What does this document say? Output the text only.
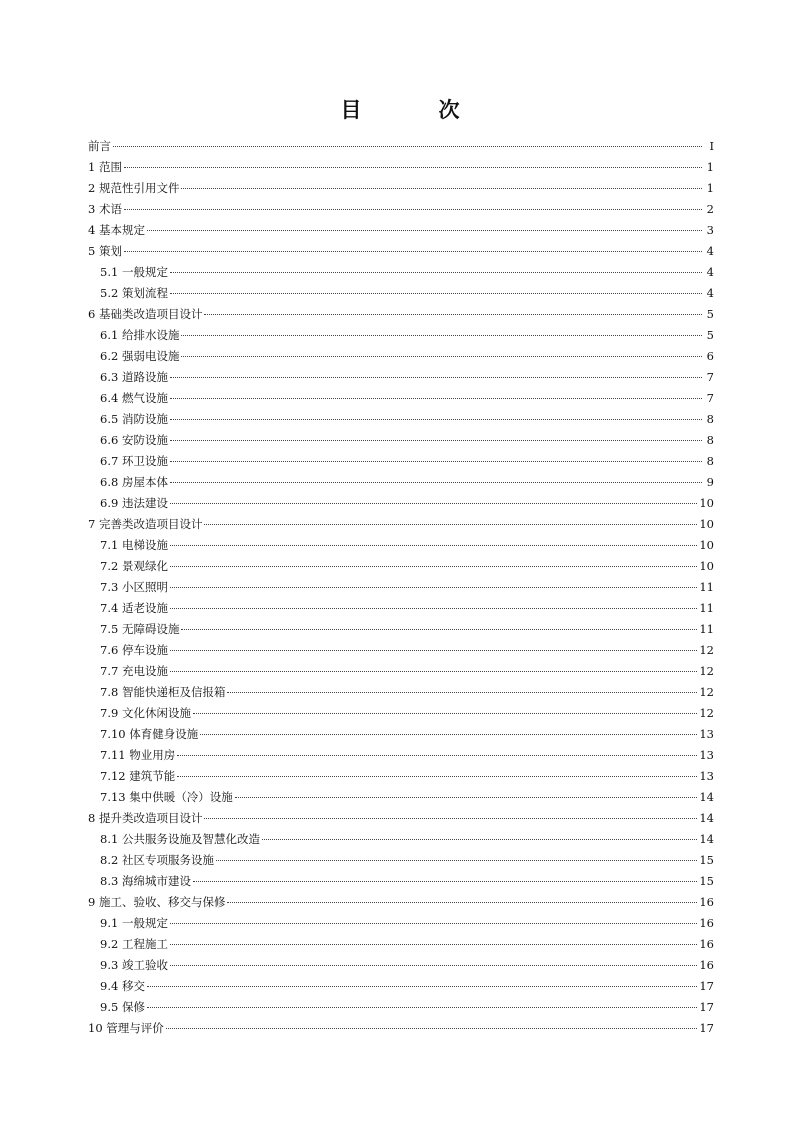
目　次
前言	I
1 范围	1
2 规范性引用文件	1
3 术语	2
4 基本规定	3
5 策划	4
5.1 一般规定	4
5.2 策划流程	4
6 基础类改造项目设计	5
6.1 给排水设施	5
6.2 强弱电设施	6
6.3 道路设施	7
6.4 燃气设施	7
6.5 消防设施	8
6.6 安防设施	8
6.7 环卫设施	8
6.8 房屋本体	9
6.9 违法建设	10
7 完善类改造项目设计	10
7.1 电梯设施	10
7.2 景观绿化	10
7.3 小区照明	11
7.4 适老设施	11
7.5 无障碍设施	11
7.6 停车设施	12
7.7 充电设施	12
7.8 智能快递柜及信报箱	12
7.9 文化休闲设施	12
7.10 体育健身设施	13
7.11 物业用房	13
7.12 建筑节能	13
7.13 集中供暖（冷）设施	14
8 提升类改造项目设计	14
8.1 公共服务设施及智慧化改造	14
8.2 社区专项服务设施	15
8.3 海绵城市建设	15
9 施工、验收、移交与保修	16
9.1 一般规定	16
9.2 工程施工	16
9.3 竣工验收	16
9.4 移交	17
9.5 保修	17
10 管理与评价	17
